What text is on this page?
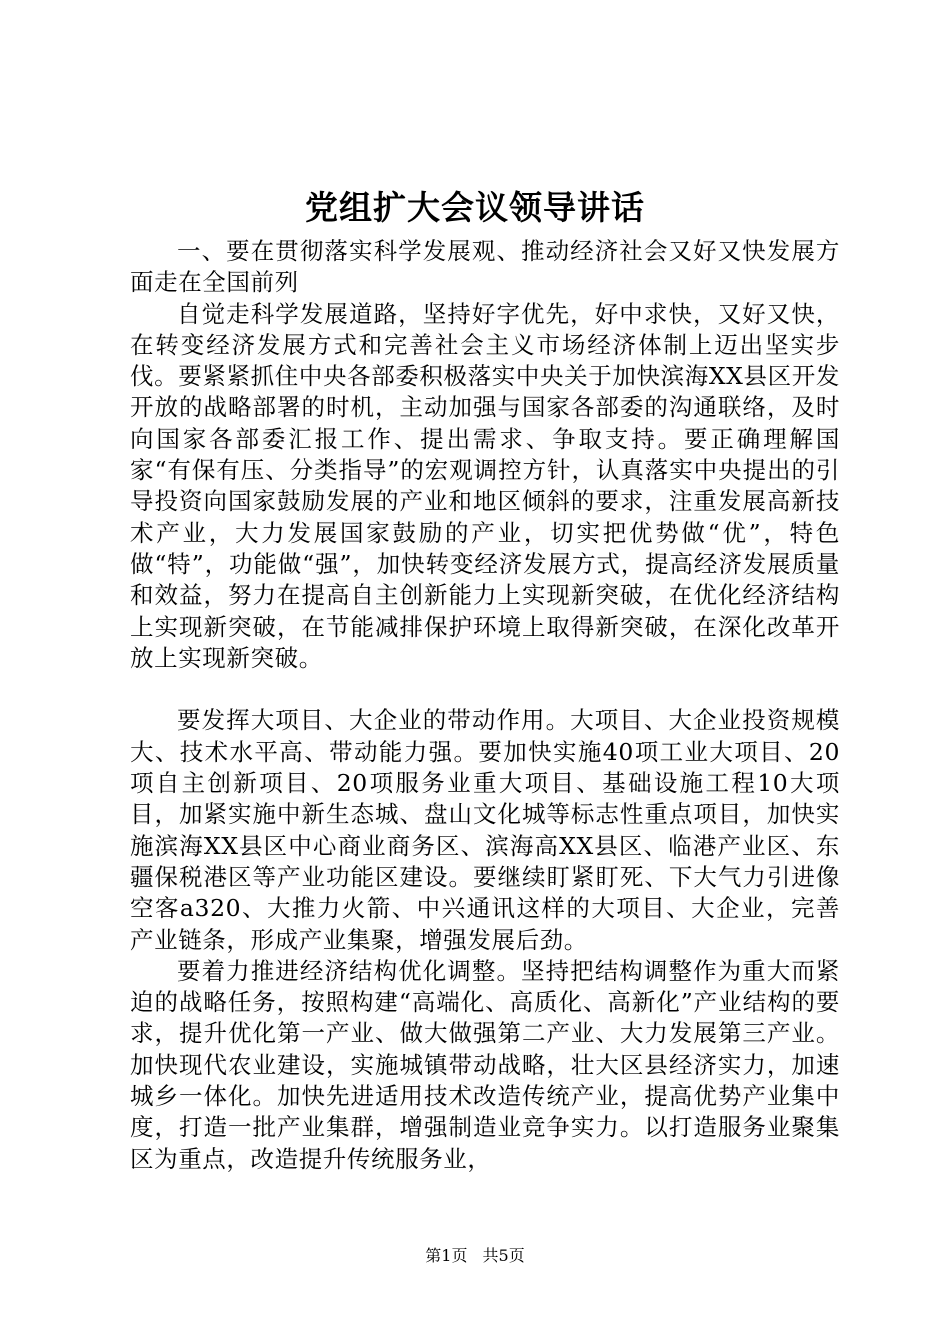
党组扩大会议领导讲话

一、要在贯彻落实科学发展观、推动经济社会又好又快发展方面走在全国前列

自觉走科学发展道路，坚持好字优先，好中求快，又好又快，在转变经济发展方式和完善社会主义市场经济体制上迈出坚实步伐。要紧紧抓住中央各部委积极落实中央关于加快滨海XX县区开发开放的战略部署的时机，主动加强与国家各部委的沟通联络，及时向国家各部委汇报工作、提出需求、争取支持。要正确理解国家“有保有压、分类指导”的宏观调控方针，认真落实中央提出的引导投资向国家鼓励发展的产业和地区倾斜的要求，注重发展高新技术产业，大力发展国家鼓励的产业，切实把优势做“优”，特色做“特”，功能做“强”，加快转变经济发展方式，提高经济发展质量和效益，努力在提高自主创新能力上实现新突破，在优化经济结构上实现新突破，在节能减排保护环境上取得新突破，在深化改革开放上实现新突破。

要发挥大项目、大企业的带动作用。大项目、大企业投资规模大、技术水平高、带动能力强。要加快实施40项工业大项目、20项自主创新项目、20项服务业重大项目、基础设施工程10大项目，加紧实施中新生态城、盘山文化城等标志性重点项目，加快实施滨海XX县区中心商业商务区、滨海高XX县区、临港产业区、东疆保税港区等产业功能区建设。要继续盯紧盯死、下大气力引进像空客a320、大推力火箭、中兴通讯这样的大项目、大企业，完善产业链条，形成产业集聚，增强发展后劲。

要着力推进经济结构优化调整。坚持把结构调整作为重大而紧迫的战略任务，按照构建“高端化、高质化、高新化”产业结构的要求，提升优化第一产业、做大做强第二产业、大力发展第三产业。加快现代农业建设，实施城镇带动战略，壮大区县经济实力，加速城乡一体化。加快先进适用技术改造传统产业，提高优势产业集中度，打造一批产业集群，增强制造业竞争实力。以打造服务业聚集区为重点，改造提升传统服务业，

第1页 共5页
